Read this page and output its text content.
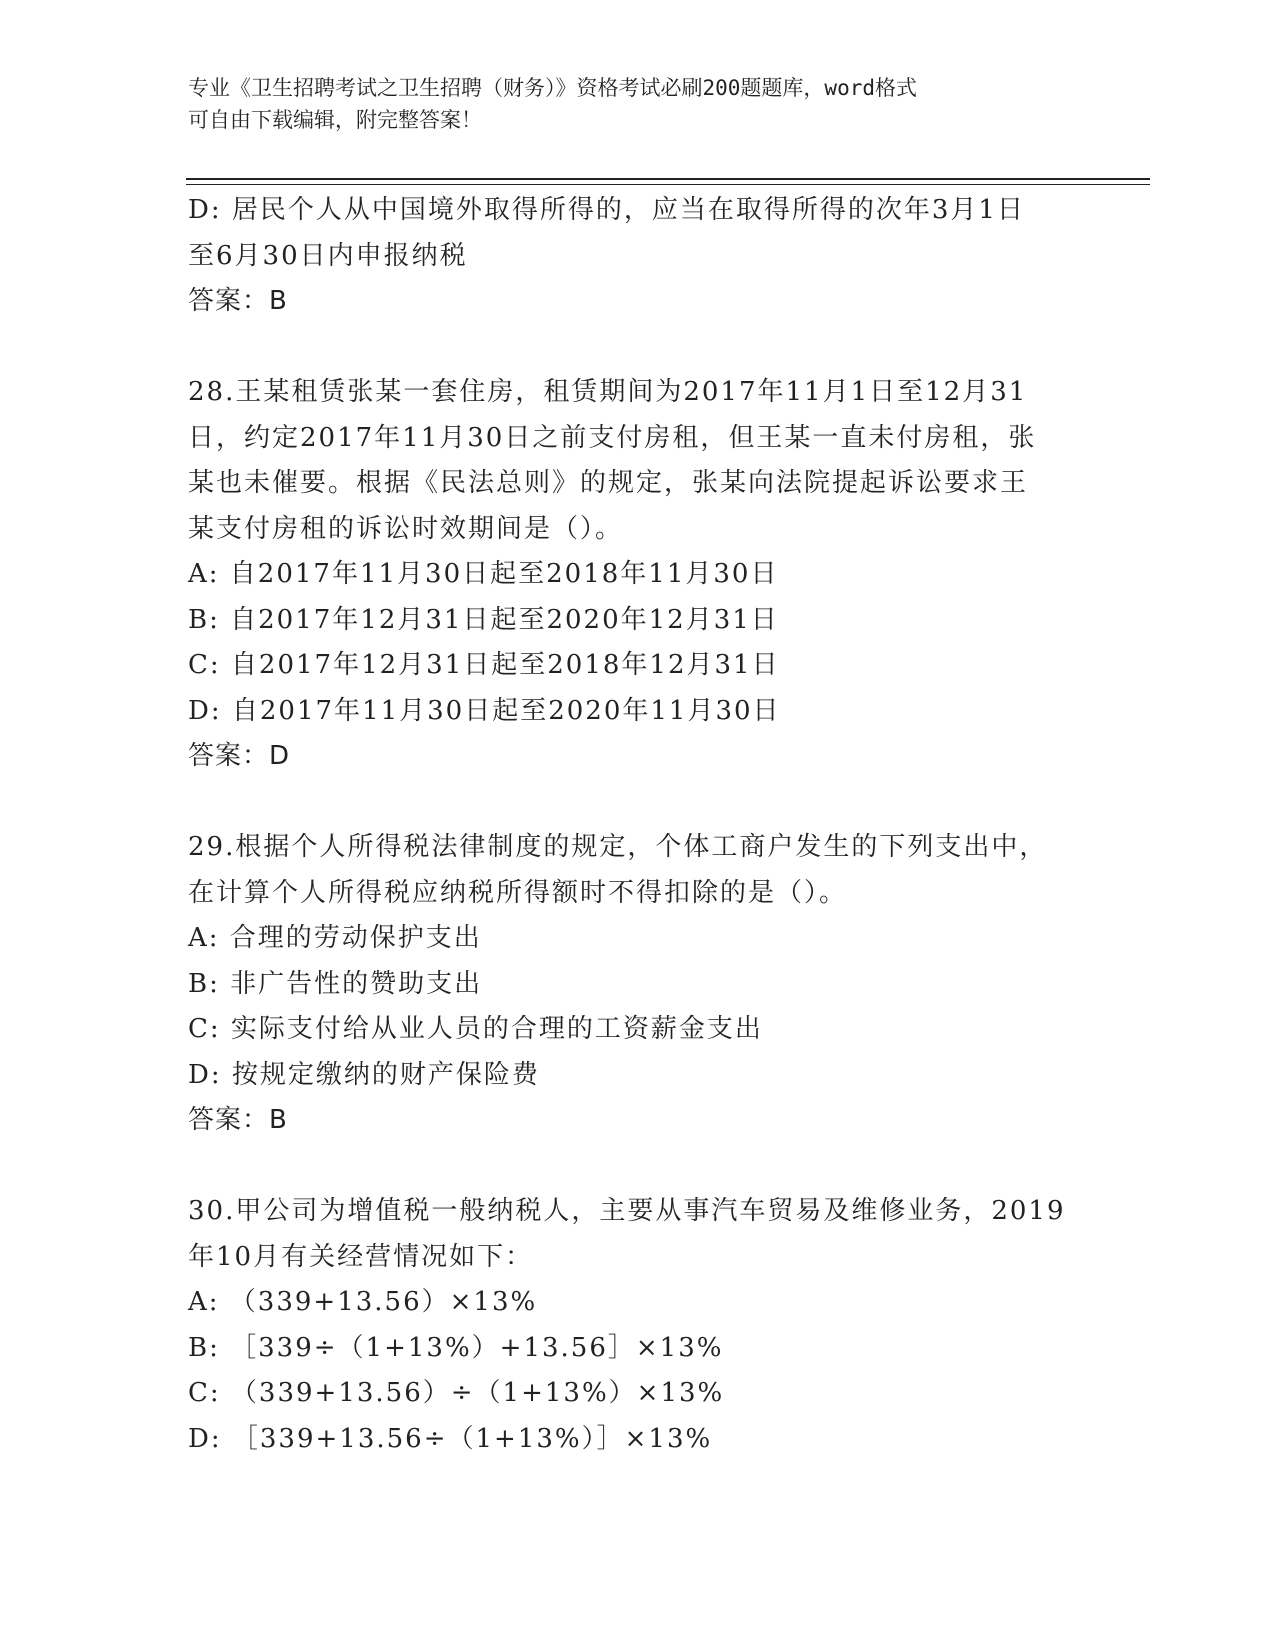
专业《卫生招聘考试之卫生招聘（财务）》资格考试必刷200题题库，word格式
可自由下载编辑，附完整答案！
D: 居民个人从中国境外取得所得的，应当在取得所得的次年3月1日
至6月30日内申报纳税
答案：B
28.王某租赁张某一套住房，租赁期间为2017年11月1日至12月31
日，约定2017年11月30日之前支付房租，但王某一直未付房租，张
某也未催要。根据《民法总则》的规定，张某向法院提起诉讼要求王
某支付房租的诉讼时效期间是（）。
A: 自2017年11月30日起至2018年11月30日
B: 自2017年12月31日起至2020年12月31日
C: 自2017年12月31日起至2018年12月31日
D: 自2017年11月30日起至2020年11月30日
答案：D
29.根据个人所得税法律制度的规定，个体工商户发生的下列支出中，
在计算个人所得税应纳税所得额时不得扣除的是（）。
A: 合理的劳动保护支出
B: 非广告性的赞助支出
C: 实际支付给从业人员的合理的工资薪金支出
D: 按规定缴纳的财产保险费
答案：B
30.甲公司为增值税一般纳税人，主要从事汽车贸易及维修业务，2019
年10月有关经营情况如下：
A: （339+13.56）×13%
B: ［339÷（1+13%）+13.56］×13%
C: （339+13.56）÷（1+13%）×13%
D: ［339+13.56÷（1+13%）］×13%
